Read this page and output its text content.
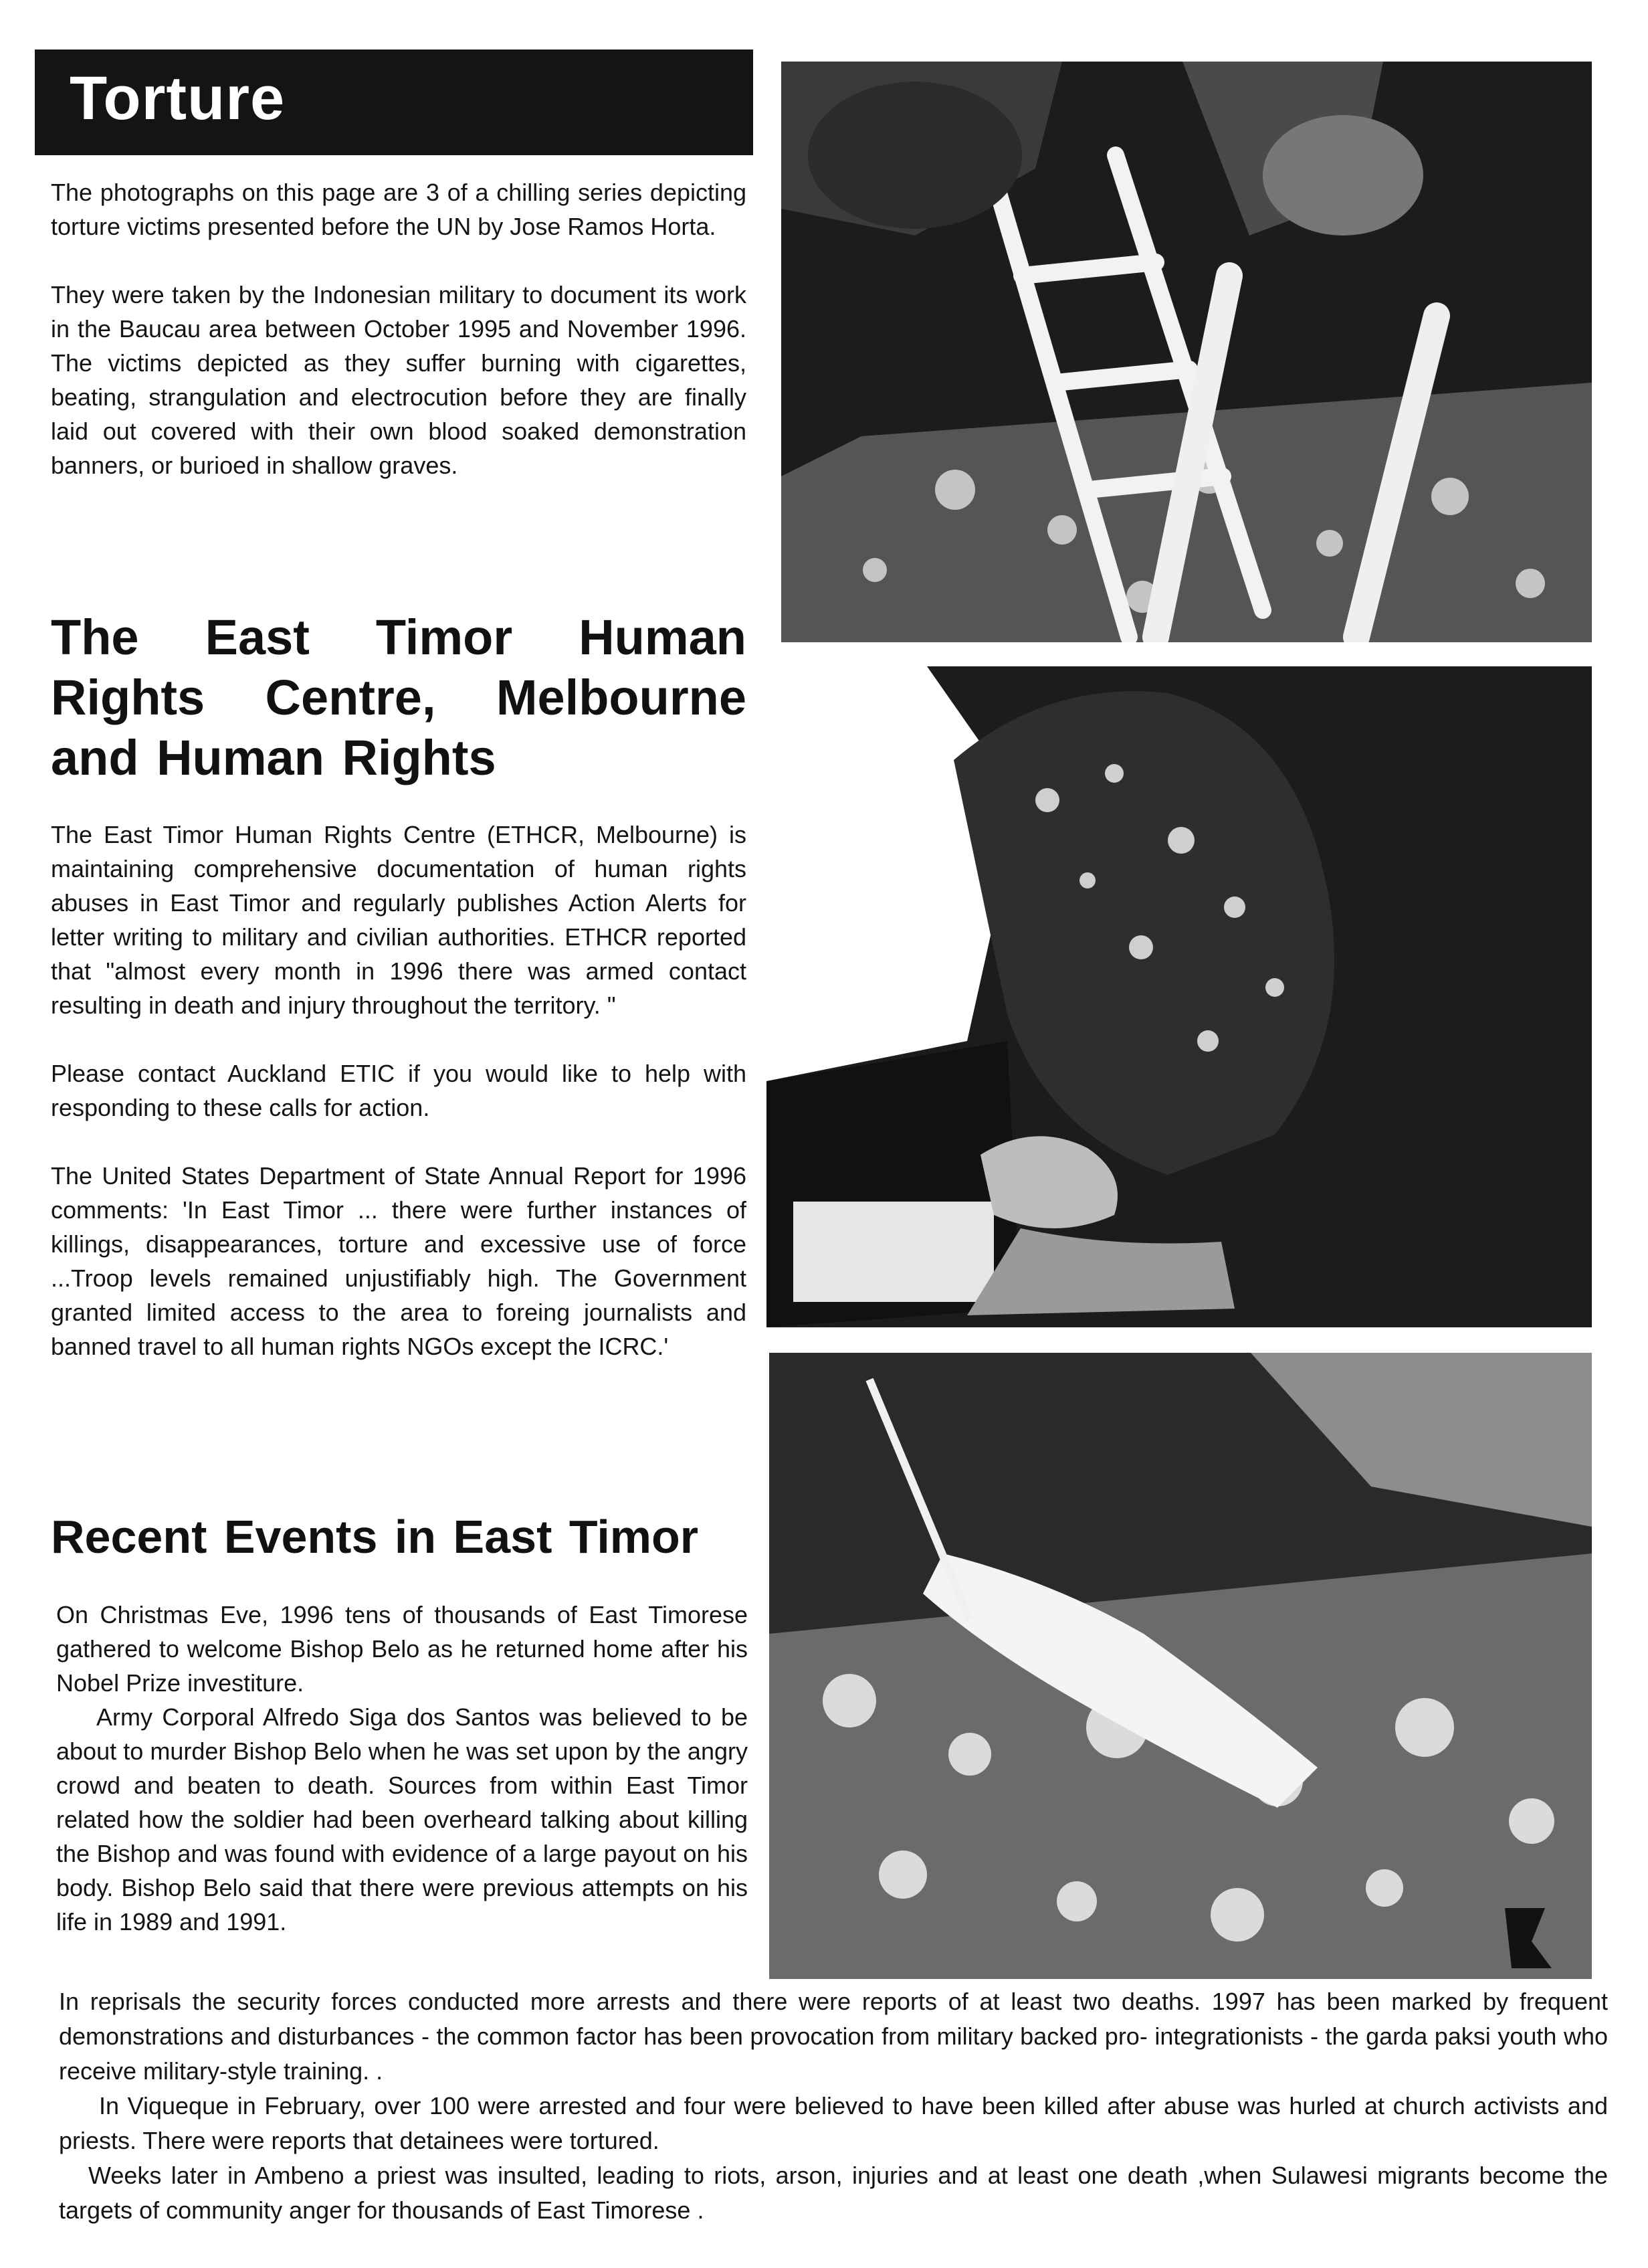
Torture

The photographs on this page are 3 of a chilling series depicting torture victims presented before the UN by Jose Ramos Horta.

They were taken by the Indonesian military to document its work in the Baucau area between October 1995 and November 1996. The victims depicted as they suffer burning with cigarettes, beating, strangulation and electrocution before they are finally laid out covered with their own blood soaked demonstration banners, or burioed in shallow graves.

The East Timor Human
Rights Centre, Melbourne
and Human Rights

The East Timor Human Rights Centre (ETHCR, Melbourne) is maintaining comprehensive documentation of human rights abuses in East Timor and regularly publishes Action Alerts for letter writing to military and civilian authorities. ETHCR reported that "almost every month in 1996 there was armed contact resulting in death and injury throughout the territory. "

Please contact Auckland ETIC if you would like to help with responding to these calls for action.

The United States Department of State Annual Report for 1996 comments: 'In East Timor ... there were further instances of killings, disappearances, torture and excessive use of force ...Troop levels remained unjustifiably high. The Government granted limited access to the area to foreing journalists and banned travel to all human rights NGOs except the ICRC.'

Recent Events in East Timor

On Christmas Eve, 1996 tens of thousands of East Timorese gathered to welcome Bishop Belo as he returned home after his Nobel Prize investiture.

Army Corporal Alfredo Siga dos Santos was believed to be about to murder Bishop Belo when he was set upon by the angry crowd and beaten to death. Sources from within East Timor related how the soldier had been overheard talking about killing the Bishop and was found with evidence of a large payout on his body. Bishop Belo said that there were previous attempts on his life in 1989 and 1991.

In reprisals the security forces conducted more arrests and there were reports of at least two deaths. 1997 has been marked by frequent demonstrations and disturbances - the common factor has been provocation from military backed pro- integrationists - the garda paksi youth who receive military-style training. .

In Viqueque in February, over 100 were arrested and four were believed to have been killed after abuse was hurled at church activists and priests. There were reports that detainees were tortured.

Weeks later in Ambeno a priest was insulted, leading to riots, arson, injuries and at least one death ,when Sulawesi migrants become the targets of community anger for thousands of East Timorese .
